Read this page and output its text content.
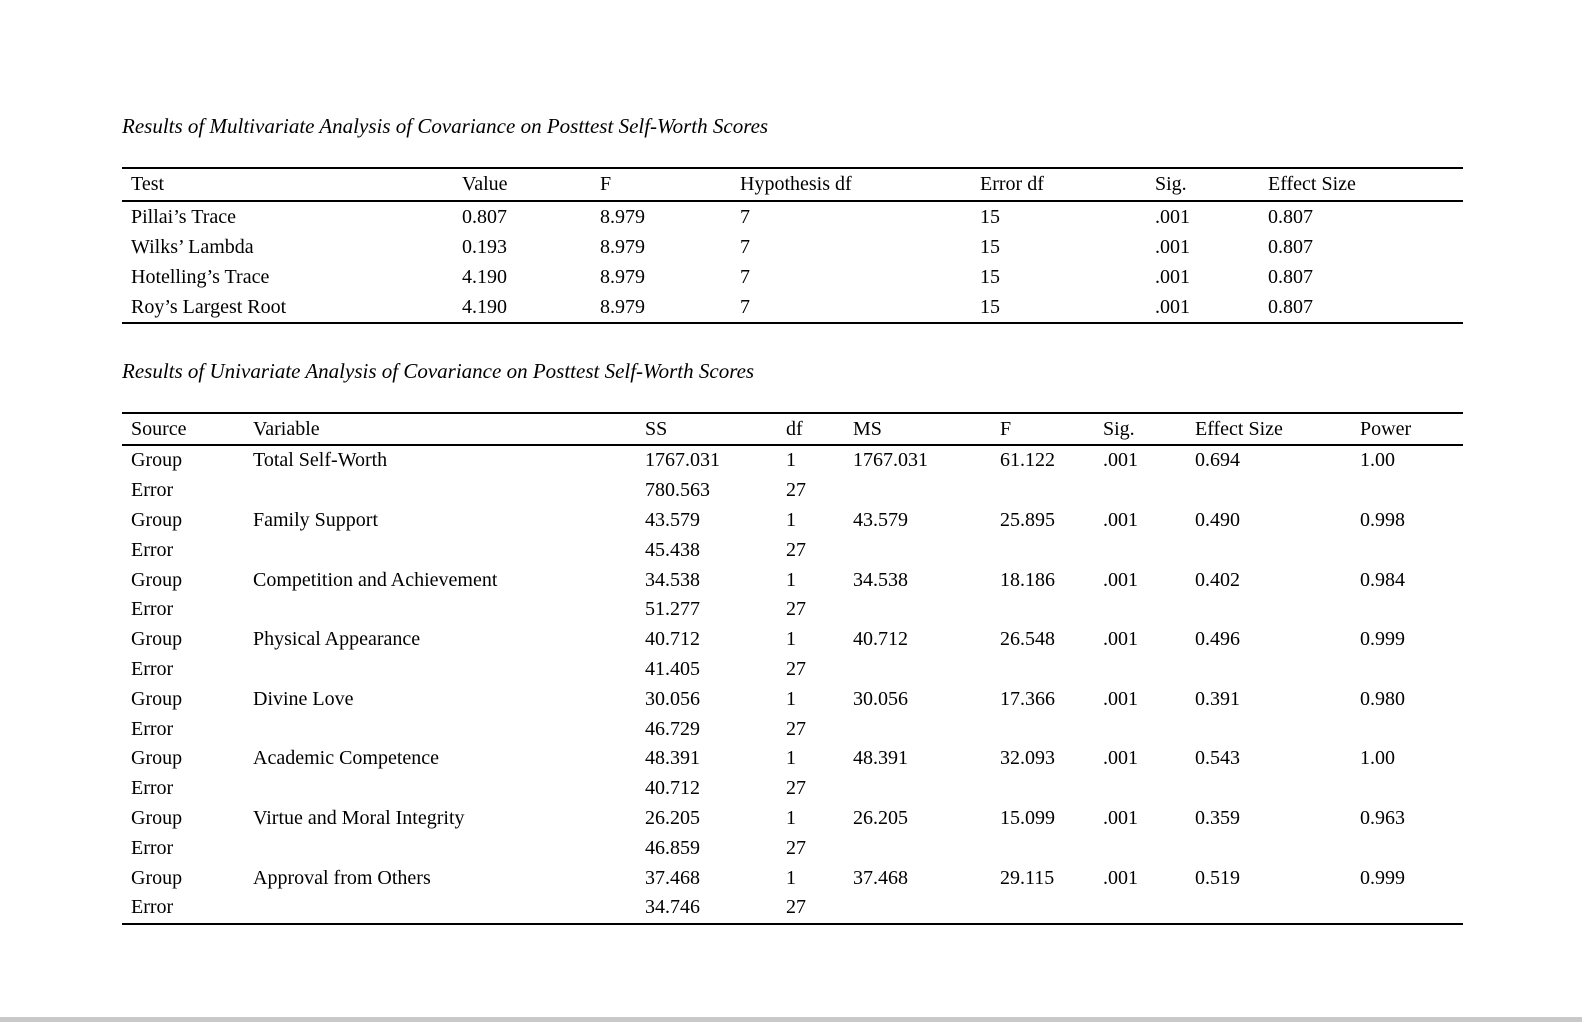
Results of Multivariate Analysis of Covariance on Posttest Self-Worth Scores
Test	Value	F	Hypothesis df	Error df	Sig.	Effect Size
Pillai’s Trace	0.807	8.979	7	15	.001	0.807
Wilks’ Lambda	0.193	8.979	7	15	.001	0.807
Hotelling’s Trace	4.190	8.979	7	15	.001	0.807
Roy’s Largest Root	4.190	8.979	7	15	.001	0.807
Results of Univariate Analysis of Covariance on Posttest Self-Worth Scores
Source	Variable	SS	df	MS	F	Sig.	Effect Size	Power
Group	Total Self-Worth	1767.031	1	1767.031	61.122	.001	0.694	1.00
Error		780.563	27					
Group	Family Support	43.579	1	43.579	25.895	.001	0.490	0.998
Error		45.438	27					
Group	Competition and Achievement	34.538	1	34.538	18.186	.001	0.402	0.984
Error		51.277	27					
Group	Physical Appearance	40.712	1	40.712	26.548	.001	0.496	0.999
Error		41.405	27					
Group	Divine Love	30.056	1	30.056	17.366	.001	0.391	0.980
Error		46.729	27					
Group	Academic Competence	48.391	1	48.391	32.093	.001	0.543	1.00
Error		40.712	27					
Group	Virtue and Moral Integrity	26.205	1	26.205	15.099	.001	0.359	0.963
Error		46.859	27					
Group	Approval from Others	37.468	1	37.468	29.115	.001	0.519	0.999
Error		34.746	27					
